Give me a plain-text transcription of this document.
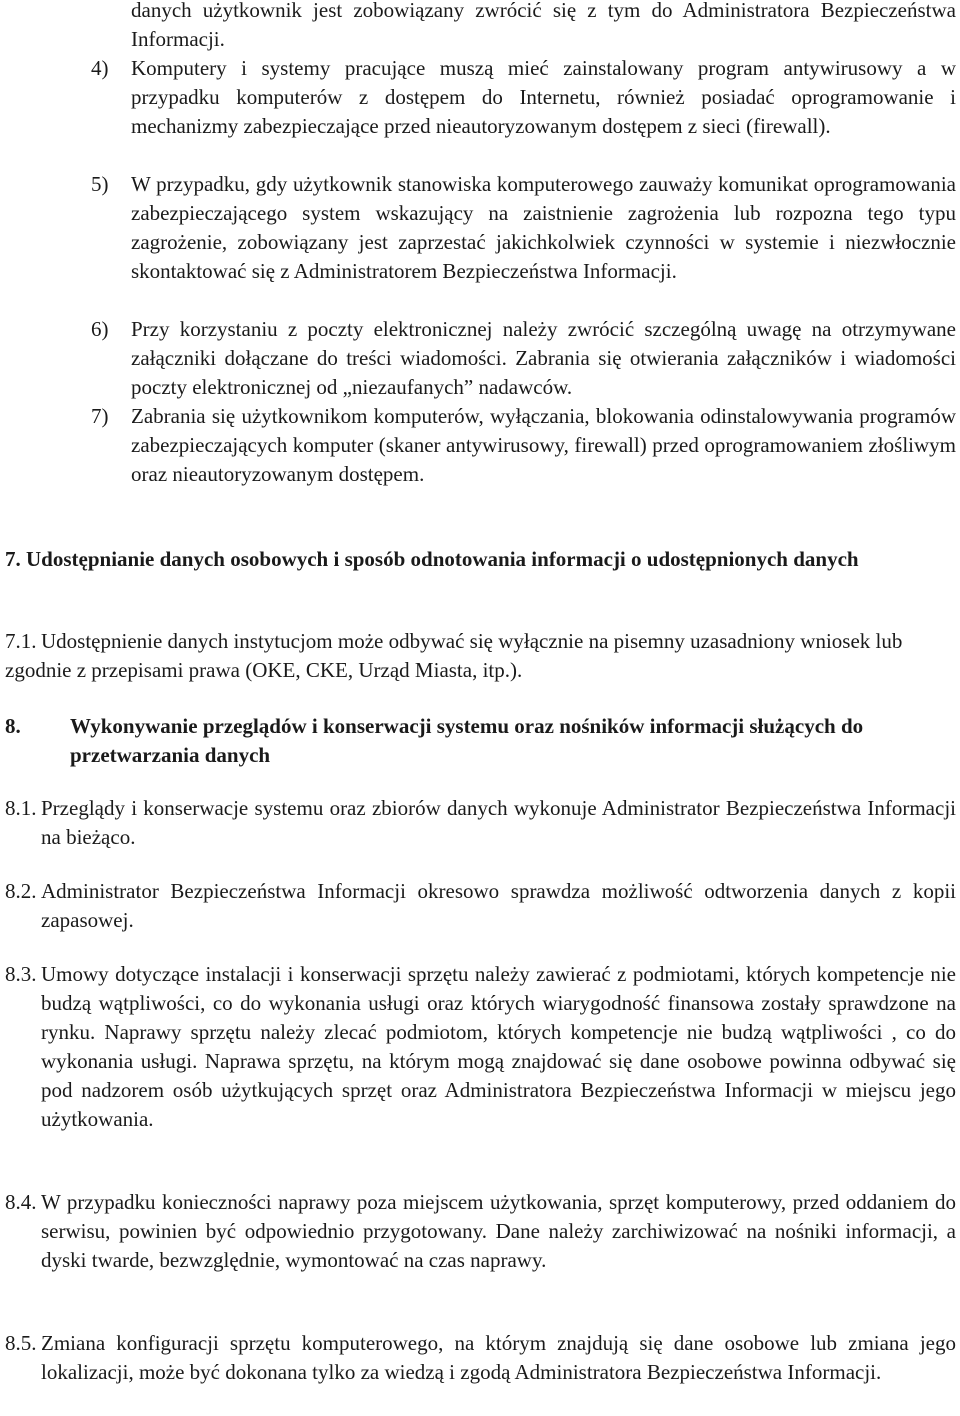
danych użytkownik jest zobowiązany zwrócić się z tym do Administratora Bezpieczeństwa Informacji.

4) Komputery i systemy pracujące muszą mieć zainstalowany program antywirusowy a w przypadku komputerów z dostępem do Internetu, również posiadać oprogramowanie i mechanizmy zabezpieczające przed nieautoryzowanym dostępem z sieci (firewall).

5) W przypadku, gdy użytkownik stanowiska komputerowego zauważy komunikat oprogramowania zabezpieczającego system wskazujący na zaistnienie zagrożenia lub rozpozna tego typu zagrożenie, zobowiązany jest zaprzestać jakichkolwiek czynności w systemie i niezwłocznie skontaktować się z Administratorem Bezpieczeństwa Informacji.

6) Przy korzystaniu z poczty elektronicznej należy zwrócić szczególną uwagę na otrzymywane załączniki dołączane do treści wiadomości. Zabrania się otwierania załączników i wiadomości poczty elektronicznej od „niezaufanych” nadawców.

7) Zabrania się użytkownikom komputerów, wyłączania, blokowania odinstalowywania programów zabezpieczających komputer (skaner antywirusowy, firewall) przed oprogramowaniem złośliwym oraz nieautoryzowanym dostępem.

7. Udostępnianie danych osobowych i sposób odnotowania informacji o udostępnionych danych
7.1. Udostępnienie danych instytucjom może odbywać się wyłącznie na pisemny uzasadniony wniosek lub zgodnie z przepisami prawa (OKE, CKE, Urząd Miasta, itp.).

8. Wykonywanie przeglądów i konserwacji systemu oraz nośników informacji służących do przetwarzania danych

8.1. Przeglądy i konserwacje systemu oraz zbiorów danych wykonuje Administrator Bezpieczeństwa Informacji na bieżąco.

8.2. Administrator Bezpieczeństwa Informacji okresowo sprawdza możliwość odtworzenia danych z kopii zapasowej.

8.3. Umowy dotyczące instalacji i konserwacji sprzętu należy zawierać z podmiotami, których kompetencje nie budzą wątpliwości, co do wykonania usługi oraz których wiarygodność finansowa zostały sprawdzone na rynku. Naprawy sprzętu należy zlecać podmiotom, których kompetencje nie budzą wątpliwości , co do wykonania usługi. Naprawa sprzętu, na którym mogą znajdować się dane osobowe powinna odbywać się pod nadzorem osób użytkujących sprzęt oraz Administratora Bezpieczeństwa Informacji w miejscu jego użytkowania.

8.4. W przypadku konieczności naprawy poza miejscem użytkowania, sprzęt komputerowy, przed oddaniem do serwisu, powinien być odpowiednio przygotowany. Dane należy zarchiwizować na nośniki informacji, a dyski twarde, bezwzględnie, wymontować na czas naprawy.

8.5. Zmiana konfiguracji sprzętu komputerowego, na którym znajdują się dane osobowe lub zmiana jego lokalizacji, może być dokonana tylko za wiedzą i zgodą Administratora Bezpieczeństwa Informacji.
